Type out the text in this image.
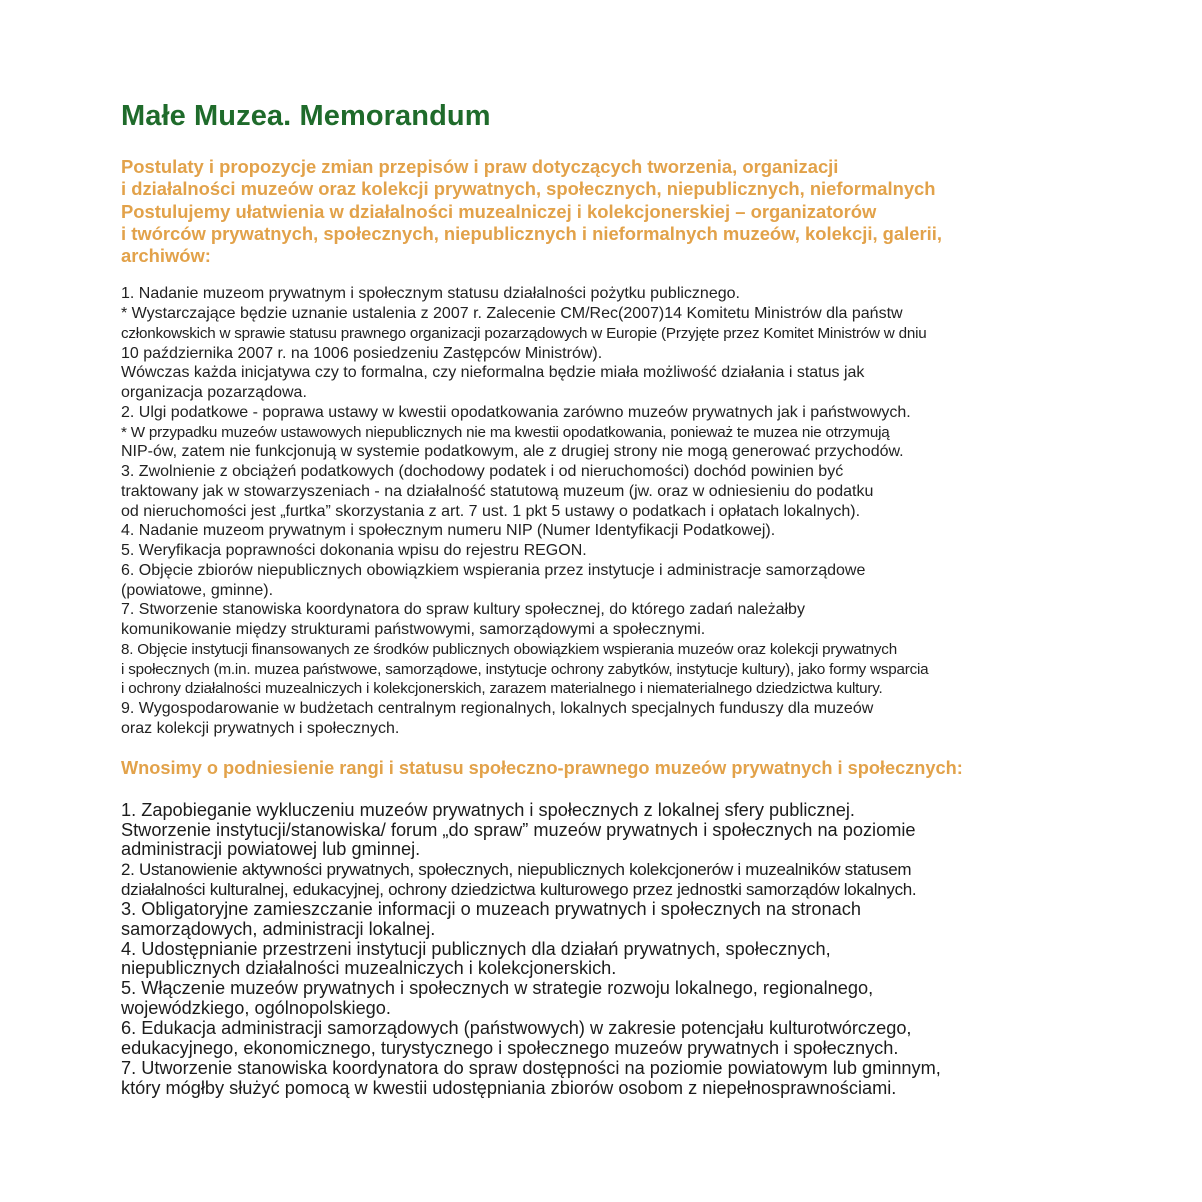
Małe Muzea. Memorandum
Postulaty i propozycje zmian przepisów i praw dotyczących tworzenia, organizacji
i działalności muzeów oraz kolekcji prywatnych, społecznych, niepublicznych, nieformalnych
Postulujemy ułatwienia w działalności muzealniczej i kolekcjonerskiej – organizatorów
i twórców prywatnych, społecznych, niepublicznych i nieformalnych muzeów, kolekcji, galerii,
archiwów:
1. Nadanie muzeom prywatnym i społecznym statusu działalności pożytku publicznego.
* Wystarczające będzie uznanie ustalenia z 2007 r. Zalecenie CM/Rec(2007)14 Komitetu Ministrów dla państw
członkowskich w sprawie statusu prawnego organizacji pozarządowych w Europie (Przyjęte przez Komitet Ministrów w dniu
10 października 2007 r. na 1006 posiedzeniu Zastępców Ministrów).
Wówczas każda inicjatywa czy to formalna, czy nieformalna będzie miała możliwość działania i status jak
organizacja pozarządowa.
2. Ulgi podatkowe - poprawa ustawy w kwestii opodatkowania zarówno muzeów prywatnych jak i państwowych.
* W przypadku muzeów ustawowych niepublicznych nie ma kwestii opodatkowania, ponieważ te muzea nie otrzymują
NIP-ów, zatem nie funkcjonują w systemie podatkowym, ale z drugiej strony nie mogą generować przychodów.
3. Zwolnienie z obciążeń podatkowych (dochodowy podatek i od nieruchomości) dochód powinien być
traktowany jak w stowarzyszeniach - na działalność statutową muzeum (jw. oraz w odniesieniu do podatku
od nieruchomości jest „furtka” skorzystania z art. 7 ust. 1 pkt 5 ustawy o podatkach i opłatach lokalnych).
4. Nadanie muzeom prywatnym i społecznym numeru NIP (Numer Identyfikacji Podatkowej).
5. Weryfikacja poprawności dokonania wpisu do rejestru REGON.
6. Objęcie zbiorów niepublicznych obowiązkiem wspierania przez instytucje i administracje samorządowe
(powiatowe, gminne).
7. Stworzenie stanowiska koordynatora do spraw kultury społecznej, do którego zadań należałby
komunikowanie między strukturami państwowymi, samorządowymi a społecznymi.
8. Objęcie instytucji finansowanych ze środków publicznych obowiązkiem wspierania muzeów oraz kolekcji prywatnych
i społecznych (m.in. muzea państwowe, samorządowe, instytucje ochrony zabytków, instytucje kultury), jako formy wsparcia
i ochrony działalności muzealniczych i kolekcjonerskich, zarazem materialnego i niematerialnego dziedzictwa kultury.
9. Wygospodarowanie w budżetach centralnym regionalnych, lokalnych specjalnych funduszy dla muzeów
oraz kolekcji prywatnych i społecznych.
Wnosimy o podniesienie rangi i statusu społeczno-prawnego muzeów prywatnych i społecznych:
1. Zapobieganie wykluczeniu muzeów prywatnych i społecznych z lokalnej sfery publicznej.
Stworzenie instytucji/stanowiska/ forum „do spraw” muzeów prywatnych i społecznych na poziomie
administracji powiatowej lub gminnej.
2. Ustanowienie aktywności prywatnych, społecznych, niepublicznych kolekcjonerów i muzealników statusem
działalności kulturalnej, edukacyjnej, ochrony dziedzictwa kulturowego przez jednostki samorządów lokalnych.
3. Obligatoryjne zamieszczanie informacji o muzeach prywatnych i społecznych na stronach
samorządowych, administracji lokalnej.
4. Udostępnianie przestrzeni instytucji publicznych dla działań prywatnych, społecznych,
niepublicznych działalności muzealniczych i kolekcjonerskich.
5. Włączenie muzeów prywatnych i społecznych w strategie rozwoju lokalnego, regionalnego,
wojewódzkiego, ogólnopolskiego.
6. Edukacja administracji samorządowych (państwowych) w zakresie potencjału kulturotwórczego,
edukacyjnego, ekonomicznego, turystycznego i społecznego muzeów prywatnych i społecznych.
7. Utworzenie stanowiska koordynatora do spraw dostępności na poziomie powiatowym lub gminnym,
który mógłby służyć pomocą w kwestii udostępniania zbiorów osobom z niepełnosprawnościami.
